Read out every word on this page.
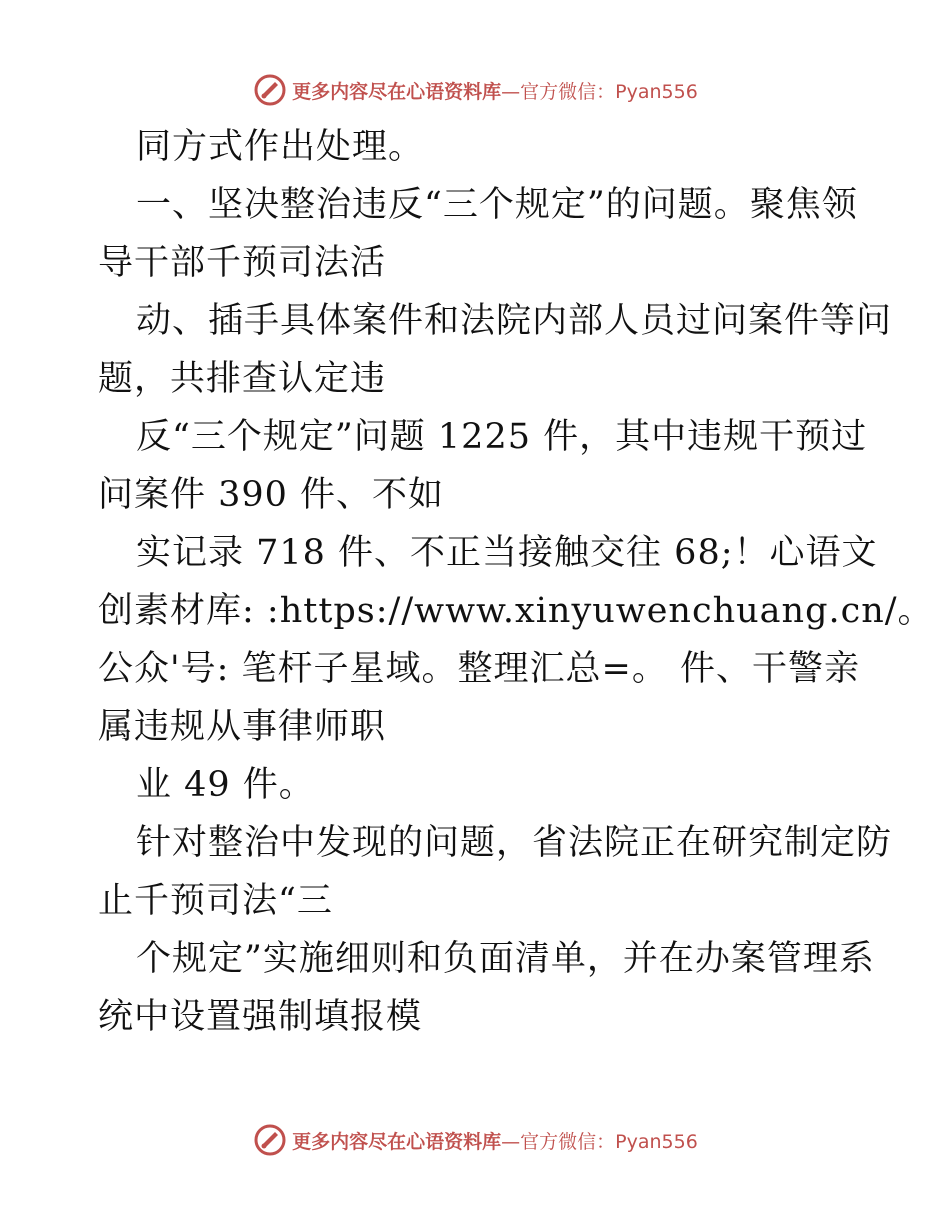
更多内容尽在心语资料库—官方微信：Pyan556
同方式作出处理。
一、坚决整治违反“三个规定”的问题。聚焦领
导干部千预司法活
动、插手具体案件和法院内部人员过问案件等问
题，共排查认定违
反“三个规定”问题 1225 件，其中违规干预过
问案件 390 件、不如
实记录 718 件、不正当接触交往 68;！心语文
创素材库: :https://www.xinyuwenchuang.cn/。
公众'号: 笔杆子星域。整理汇总=。 件、干警亲
属违规从事律师职
业 49 件。
针对整治中发现的问题，省法院正在研究制定防
止千预司法“三
个规定”实施细则和负面清单，并在办案管理系
统中设置强制填报模
更多内容尽在心语资料库—官方微信：Pyan556
